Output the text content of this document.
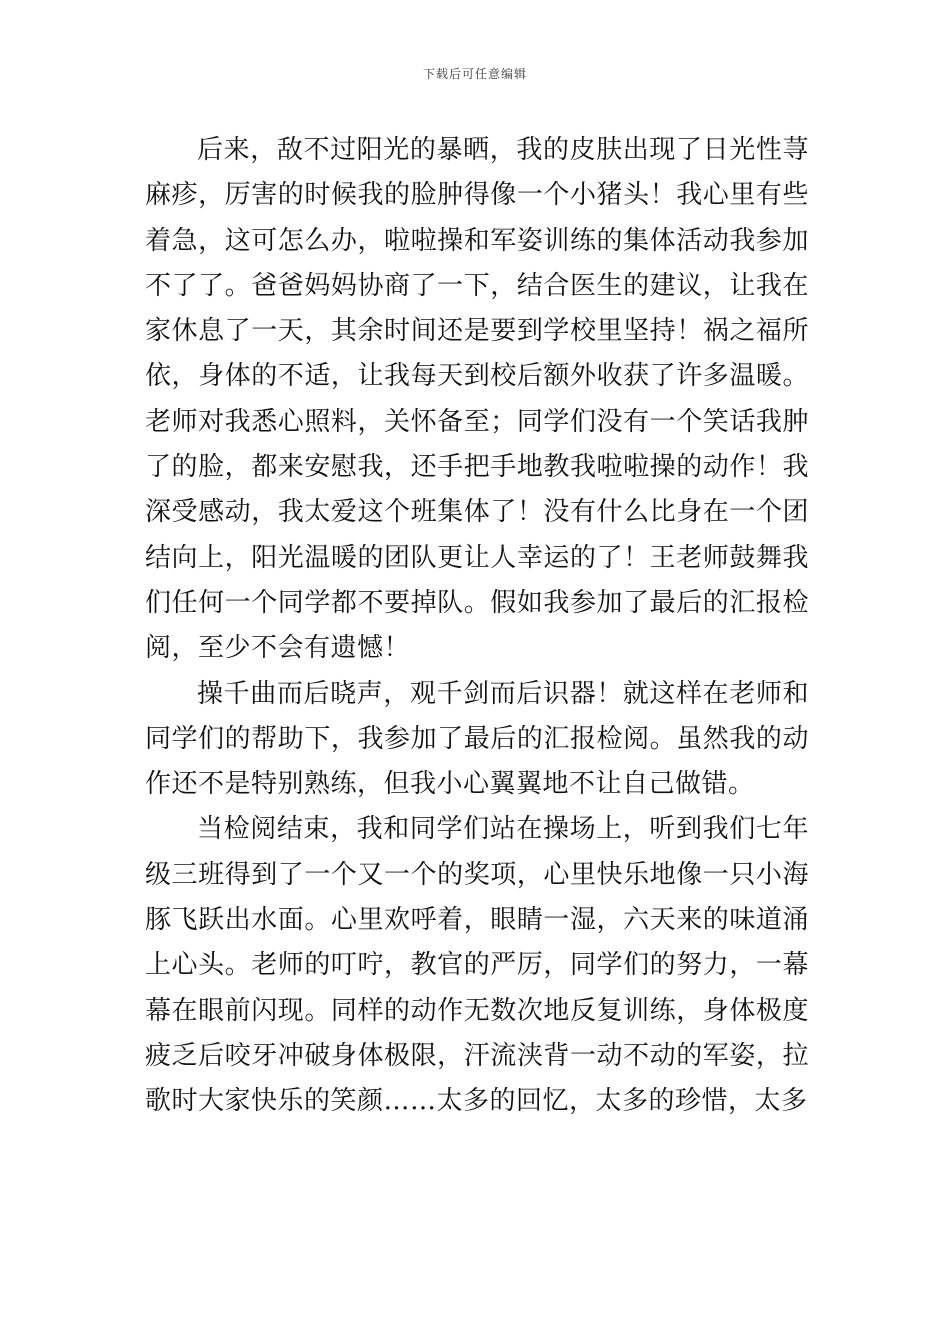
下载后可任意编辑

后来，敌不过阳光的暴晒，我的皮肤出现了日光性荨麻疹，厉害的时候我的脸肿得像一个小猪头！我心里有些着急，这可怎么办，啦啦操和军姿训练的集体活动我参加不了了。爸爸妈妈协商了一下，结合医生的建议，让我在家休息了一天，其余时间还是要到学校里坚持！祸之福所依，身体的不适，让我每天到校后额外收获了许多温暖。老师对我悉心照料，关怀备至；同学们没有一个笑话我肿了的脸，都来安慰我，还手把手地教我啦啦操的动作！我深受感动，我太爱这个班集体了！没有什么比身在一个团结向上，阳光温暖的团队更让人幸运的了！王老师鼓舞我们任何一个同学都不要掉队。假如我参加了最后的汇报检阅，至少不会有遗憾！

操千曲而后晓声，观千剑而后识器！就这样在老师和同学们的帮助下，我参加了最后的汇报检阅。虽然我的动作还不是特别熟练，但我小心翼翼地不让自己做错。

当检阅结束，我和同学们站在操场上，听到我们七年级三班得到了一个又一个的奖项，心里快乐地像一只小海豚飞跃出水面。心里欢呼着，眼睛一湿，六天来的味道涌上心头。老师的叮咛，教官的严厉，同学们的努力，一幕幕在眼前闪现。同样的动作无数次地反复训练，身体极度疲乏后咬牙冲破身体极限，汗流浃背一动不动的军姿，拉歌时大家快乐的笑颜……太多的回忆，太多的珍惜，太多
